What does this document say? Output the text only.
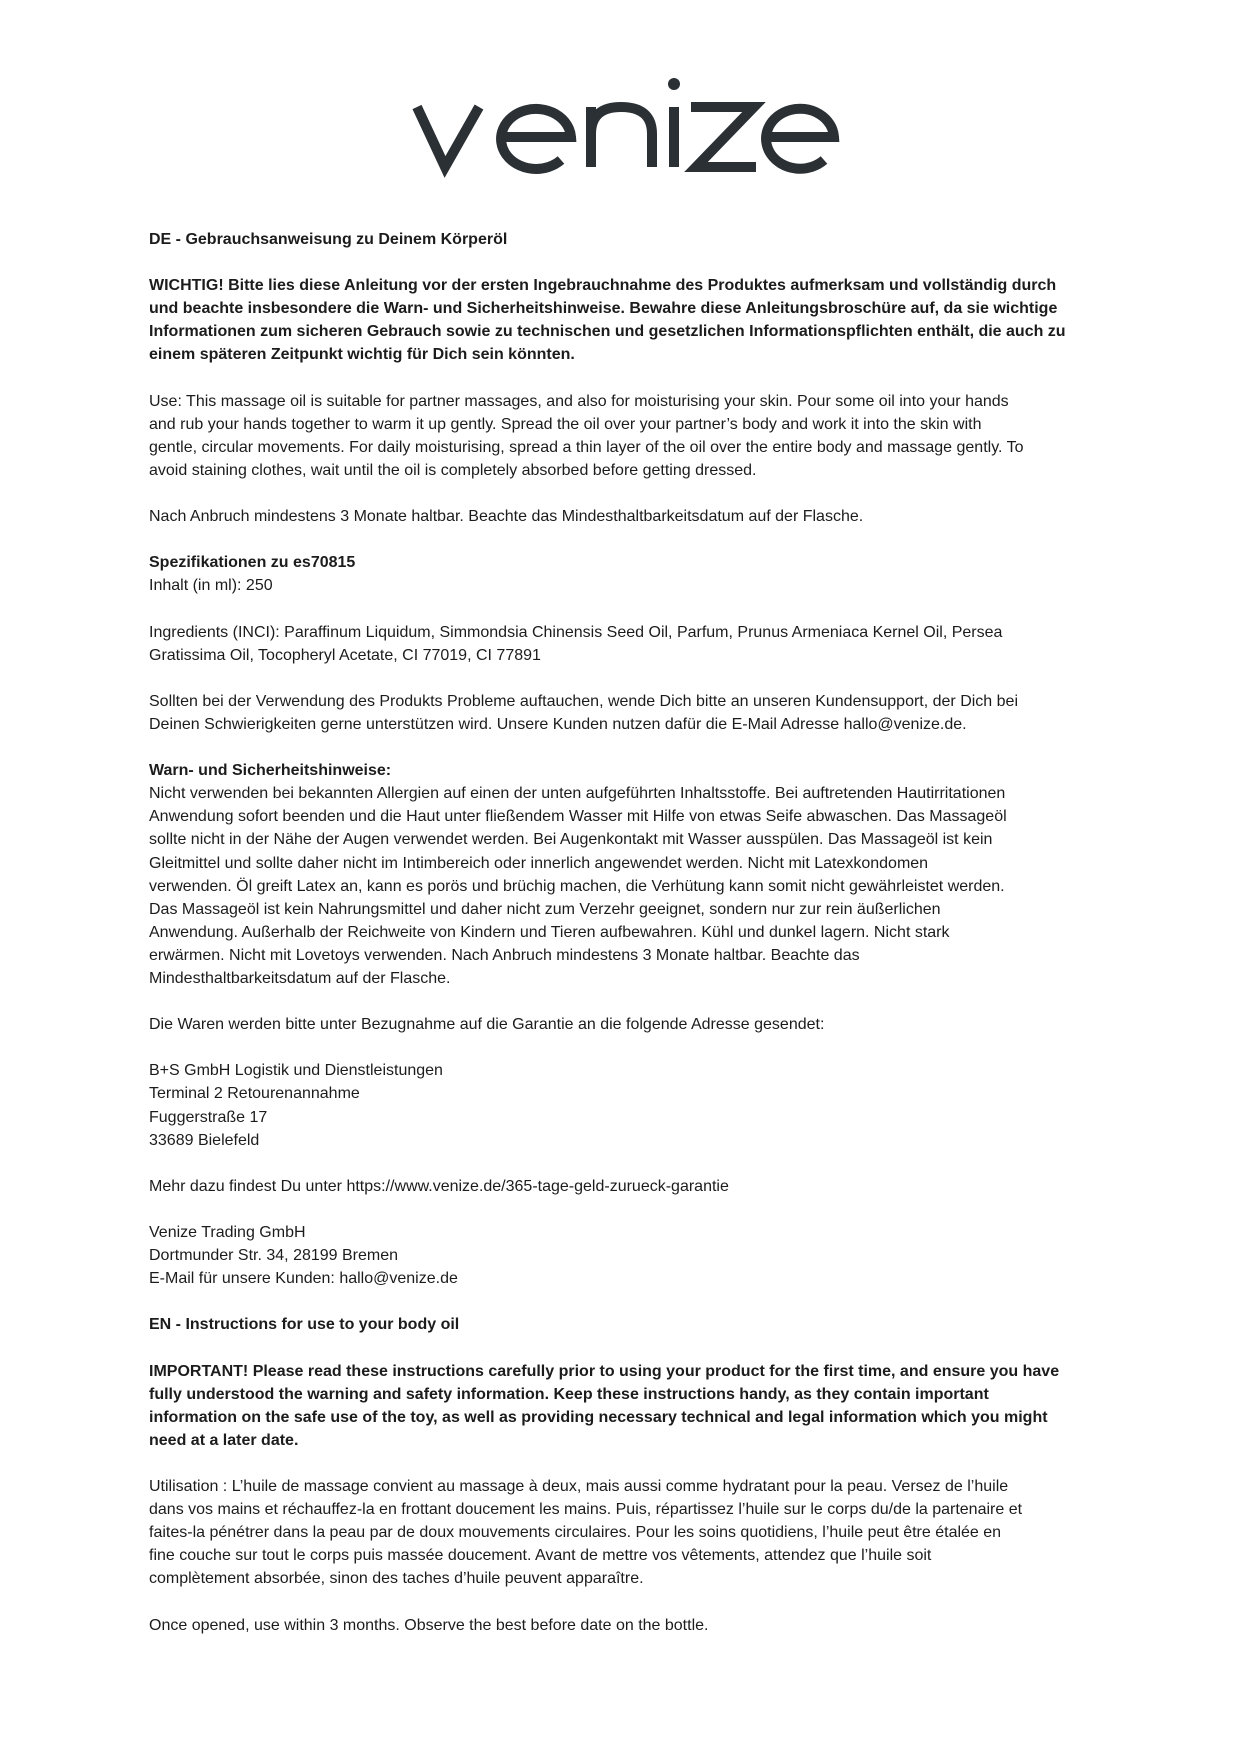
DE - Gebrauchsanweisung zu Deinem Körperöl
WICHTIG! Bitte lies diese Anleitung vor der ersten Ingebrauchnahme des Produktes aufmerksam und vollständig durch
und beachte insbesondere die Warn- und Sicherheitshinweise. Bewahre diese Anleitungsbroschüre auf, da sie wichtige
Informationen zum sicheren Gebrauch sowie zu technischen und gesetzlichen Informationspflichten enthält, die auch zu
einem späteren Zeitpunkt wichtig für Dich sein könnten.
Use: This massage oil is suitable for partner massages, and also for moisturising your skin. Pour some oil into your hands
and rub your hands together to warm it up gently. Spread the oil over your partner’s body and work it into the skin with
gentle, circular movements. For daily moisturising, spread a thin layer of the oil over the entire body and massage gently. To
avoid staining clothes, wait until the oil is completely absorbed before getting dressed.
Nach Anbruch mindestens 3 Monate haltbar. Beachte das Mindesthaltbarkeitsdatum auf der Flasche.
Spezifikationen zu es70815
Inhalt (in ml): 250
Ingredients (INCI): Paraffinum Liquidum, Simmondsia Chinensis Seed Oil, Parfum, Prunus Armeniaca Kernel Oil, Persea
Gratissima Oil, Tocopheryl Acetate, CI 77019, CI 77891
Sollten bei der Verwendung des Produkts Probleme auftauchen, wende Dich bitte an unseren Kundensupport, der Dich bei
Deinen Schwierigkeiten gerne unterstützen wird. Unsere Kunden nutzen dafür die E-Mail Adresse hallo@venize.de.
Warn- und Sicherheitshinweise:
Nicht verwenden bei bekannten Allergien auf einen der unten aufgeführten Inhaltsstoffe. Bei auftretenden Hautirritationen
Anwendung sofort beenden und die Haut unter fließendem Wasser mit Hilfe von etwas Seife abwaschen. Das Massageöl
sollte nicht in der Nähe der Augen verwendet werden. Bei Augenkontakt mit Wasser ausspülen. Das Massageöl ist kein
Gleitmittel und sollte daher nicht im Intimbereich oder innerlich angewendet werden. Nicht mit Latexkondomen
verwenden. Öl greift Latex an, kann es porös und brüchig machen, die Verhütung kann somit nicht gewährleistet werden.
Das Massageöl ist kein Nahrungsmittel und daher nicht zum Verzehr geeignet, sondern nur zur rein äußerlichen
Anwendung. Außerhalb der Reichweite von Kindern und Tieren aufbewahren. Kühl und dunkel lagern. Nicht stark
erwärmen. Nicht mit Lovetoys verwenden. Nach Anbruch mindestens 3 Monate haltbar. Beachte das
Mindesthaltbarkeitsdatum auf der Flasche.
Die Waren werden bitte unter Bezugnahme auf die Garantie an die folgende Adresse gesendet:
B+S GmbH Logistik und Dienstleistungen
Terminal 2 Retourenannahme
Fuggerstraße 17
33689 Bielefeld
Mehr dazu findest Du unter https://www.venize.de/365-tage-geld-zurueck-garantie
Venize Trading GmbH
Dortmunder Str. 34, 28199 Bremen
E-Mail für unsere Kunden: hallo@venize.de
EN - Instructions for use to your body oil
IMPORTANT! Please read these instructions carefully prior to using your product for the first time, and ensure you have
fully understood the warning and safety information. Keep these instructions handy, as they contain important
information on the safe use of the toy, as well as providing necessary technical and legal information which you might
need at a later date.
Utilisation : L’huile de massage convient au massage à deux, mais aussi comme hydratant pour la peau. Versez de l’huile
dans vos mains et réchauffez-la en frottant doucement les mains. Puis, répartissez l’huile sur le corps du/de la partenaire et
faites-la pénétrer dans la peau par de doux mouvements circulaires. Pour les soins quotidiens, l’huile peut être étalée en
fine couche sur tout le corps puis massée doucement. Avant de mettre vos vêtements, attendez que l’huile soit
complètement absorbée, sinon des taches d’huile peuvent apparaître.
Once opened, use within 3 months. Observe the best before date on the bottle.
